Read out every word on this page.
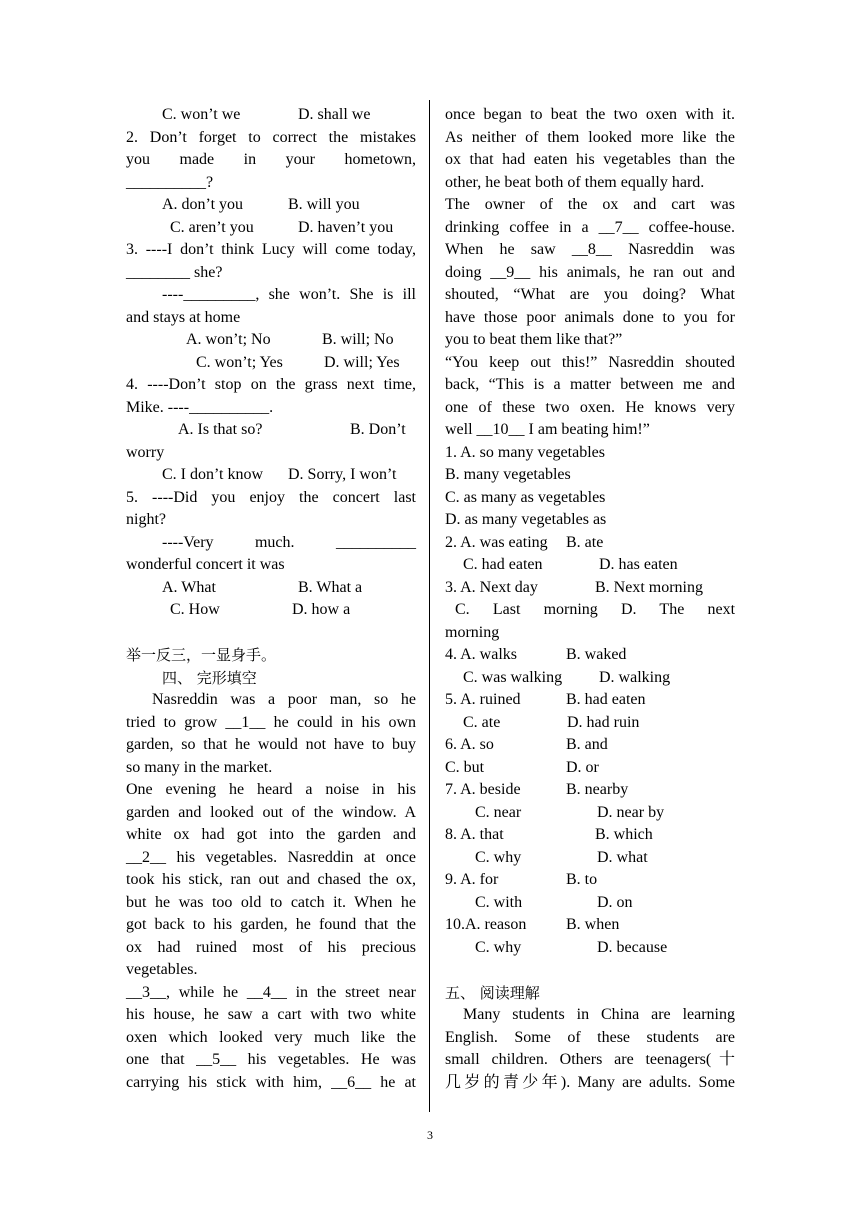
C. won’t we	D. shall we
2. Don’t forget to correct the mistakes
you made in your hometown,
__________?
A. don’t you	B. will you
C. aren’t you	D. haven’t you
3. ----I don’t think Lucy will come today,
________ she?
----_________, she won’t. She is ill
and stays at home
A. won’t; No	B. will; No
C. won’t; Yes	D. will; Yes
4. ----Don’t stop on the grass next time,
Mike. ----__________.
A. Is that so?	B. Don’t
worry
C. I don’t know D. Sorry, I won’t
5. ----Did you enjoy the concert last
night?
----Very much. __________
wonderful concert it was
A. What	B. What a
C. How	D. how a
举一反三，一显身手。
四、 完形填空
Nasreddin was a poor man, so he
tried to grow __1__ he could in his own
garden, so that he would not have to buy
so many in the market.
One evening he heard a noise in his
garden and looked out of the window. A
white ox had got into the garden and
__2__ his vegetables. Nasreddin at once
took his stick, ran out and chased the ox,
but he was too old to catch it. When he
got back to his garden, he found that the
ox had ruined most of his precious
vegetables.
__3__, while he __4__ in the street near
his house, he saw a cart with two white
oxen which looked very much like the
one that __5__ his vegetables. He was
carrying his stick with him, __6__ he at
once began to beat the two oxen with it.
As neither of them looked more like the
ox that had eaten his vegetables than the
other, he beat both of them equally hard.
The owner of the ox and cart was
drinking coffee in a __7__ coffee-house.
When he saw __8__ Nasreddin was
doing __9__ his animals, he ran out and
shouted, “What are you doing? What
have those poor animals done to you for
you to beat them like that?”
“You keep out this!” Nasreddin shouted
back, “This is a matter between me and
one of these two oxen. He knows very
well __10__ I am beating him!”
1. A. so many vegetables
B. many vegetables
C. as many as vegetables
D. as many vegetables as
2. A. was eating B. ate
C. had eaten	D. has eaten
3. A. Next day	B. Next morning
C. Last morning D. The next
morning
4. A. walks	B. waked
C. was walking D. walking
5. A. ruined	B. had eaten
C. ate	D. had ruin
6. A. so	B. and
C. but	D. or
7. A. beside	B. nearby
C. near	D. near by
8. A. that	B. which
C. why	D. what
9. A. for	B. to
C. with	D. on
10.A. reason B. when
C. why	D. because
五、 阅读理解
Many students in China are learning
English. Some of these students are
small children. Others are teenagers(十
几岁的青少年). Many are adults. Some
3
